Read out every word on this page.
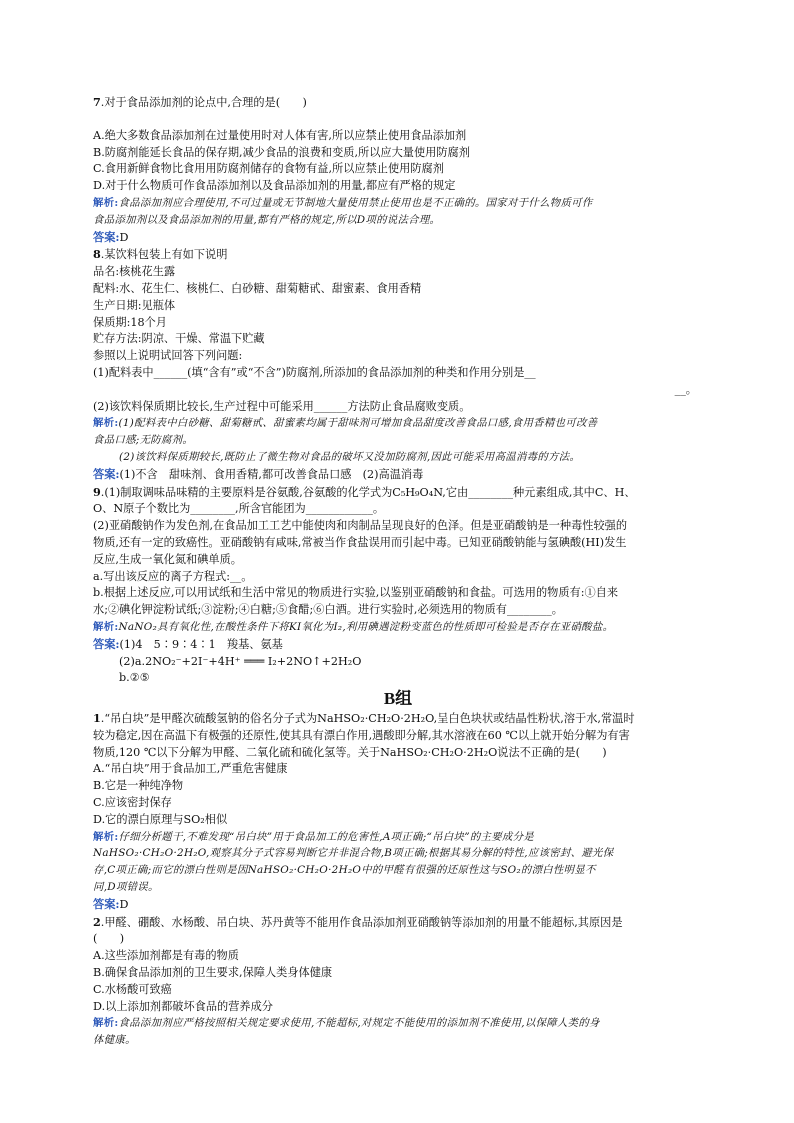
7.对于食品添加剂的论点中,合理的是(　　)
A.绝大多数食品添加剂在过量使用时对人体有害,所以应禁止使用食品添加剂
B.防腐剂能延长食品的保存期,减少食品的浪费和变质,所以应大量使用防腐剂
C.食用新鲜食物比食用用防腐剂储存的食物有益,所以应禁止使用防腐剂
D.对于什么物质可作食品添加剂以及食品添加剂的用量,都应有严格的规定
解析:食品添加剂应合理使用,不可过量或无节制地大量使用禁止使用也是不正确的。国家对于什么物质可作
食品添加剂以及食品添加剂的用量,都有严格的规定,所以D项的说法合理。
答案:D
8.某饮料包装上有如下说明
品名:核桃花生露
配料:水、花生仁、核桃仁、白砂糖、甜菊糖甙、甜蜜素、食用香精
生产日期:见瓶体
保质期:18个月
贮存方法:阴凉、干燥、常温下贮藏
参照以上说明试回答下列问题:
(1)配料表中______(填“含有”或“不含”)防腐剂,所添加的食品添加剂的种类和作用分别是__
__。
(2)该饮料保质期比较长,生产过程中可能采用______方法防止食品腐败变质。
解析:(1)配料表中白砂糖、甜菊糖甙、甜蜜素均属于甜味剂可增加食品甜度改善食品口感,食用香精也可改善
食品口感;无防腐剂。
(2)该饮料保质期较长,既防止了微生物对食品的破坏又没加防腐剂,因此可能采用高温消毒的方法。
答案:(1)不含　甜味剂、食用香精,都可改善食品口感　(2)高温消毒
9.(1)制取调味品味精的主要原料是谷氨酸,谷氨酸的化学式为C₅H₉O₄N,它由________种元素组成,其中C、H、
O、N原子个数比为________,所含官能团为____________。
(2)亚硝酸钠作为发色剂,在食品加工工艺中能使肉和肉制品呈现良好的色泽。但是亚硝酸钠是一种毒性较强的
物质,还有一定的致癌性。亚硝酸钠有咸味,常被当作食盐误用而引起中毒。已知亚硝酸钠能与氢碘酸(HI)发生
反应,生成一氧化氮和碘单质。
a.写出该反应的离子方程式:__。
b.根据上述反应,可以用试纸和生活中常见的物质进行实验,以鉴别亚硝酸钠和食盐。可选用的物质有:①自来
水;②碘化钾淀粉试纸;③淀粉;④白糖;⑤食醋;⑥白酒。进行实验时,必须选用的物质有________。
解析:NaNO₂具有氧化性,在酸性条件下将KI氧化为I₂,利用碘遇淀粉变蓝色的性质即可检验是否存在亚硝酸盐。
答案:(1)4　5∶9∶4∶1　羧基、氨基
(2)a.2NO₂⁻+2I⁻+4H⁺ ═══ I₂+2NO↑+2H₂O
b.②⑤
B组
1.“吊白块”是甲醛次硫酸氢钠的俗名分子式为NaHSO₂·CH₂O·2H₂O,呈白色块状或结晶性粉状,溶于水,常温时
较为稳定,因在高温下有极强的还原性,使其具有漂白作用,遇酸即分解,其水溶液在60 ℃以上就开始分解为有害
物质,120 ℃以下分解为甲醛、二氧化硫和硫化氢等。关于NaHSO₂·CH₂O·2H₂O说法不正确的是(　　)
A.“吊白块”用于食品加工,严重危害健康
B.它是一种纯净物
C.应该密封保存
D.它的漂白原理与SO₂相似
解析:仔细分析题干,不难发现“吊白块”用于食品加工的危害性,A项正确;“吊白块”的主要成分是
NaHSO₂·CH₂O·2H₂O,观察其分子式容易判断它并非混合物,B项正确;根据其易分解的特性,应该密封、避光保
存,C项正确;而它的漂白性则是因NaHSO₂·CH₂O·2H₂O中的甲醛有很强的还原性这与SO₂的漂白性明显不
同,D项错误。
答案:D
2.甲醛、硼酸、水杨酸、吊白块、苏丹黄等不能用作食品添加剂亚硝酸钠等添加剂的用量不能超标,其原因是
(　　)
A.这些添加剂都是有毒的物质
B.确保食品添加剂的卫生要求,保障人类身体健康
C.水杨酸可致癌
D.以上添加剂都破坏食品的营养成分
解析:食品添加剂应严格按照相关规定要求使用,不能超标,对规定不能使用的添加剂不准使用,以保障人类的身
体健康。
